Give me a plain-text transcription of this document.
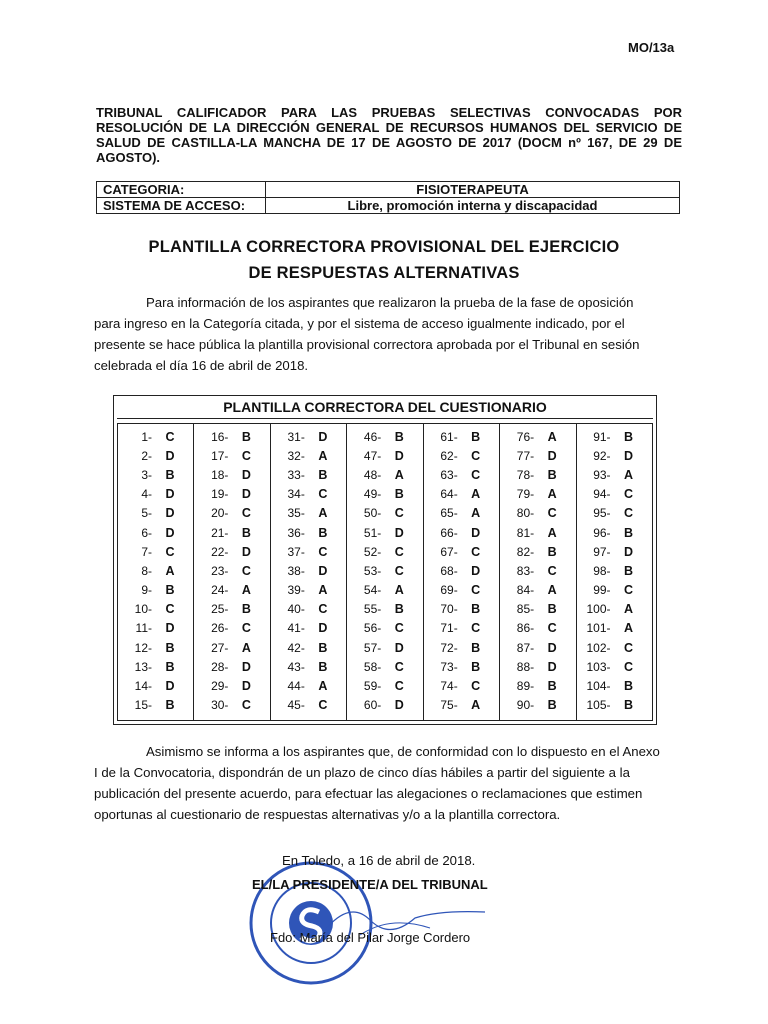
MO/13a
TRIBUNAL CALIFICADOR PARA LAS PRUEBAS SELECTIVAS CONVOCADAS POR RESOLUCIÓN DE LA DIRECCIÓN GENERAL DE RECURSOS HUMANOS DEL SERVICIO DE SALUD DE CASTILLA-LA MANCHA DE 17 DE AGOSTO DE 2017 (DOCM nº 167, DE 29 DE AGOSTO).
CATEGORIA:	FISIOTERAPEUTA
SISTEMA DE ACCESO:	Libre, promoción interna y discapacidad
PLANTILLA CORRECTORA PROVISIONAL DEL EJERCICIO
DE RESPUESTAS ALTERNATIVAS
Para información de los aspirantes que realizaron la prueba de la fase de oposición
para ingreso en la Categoría citada, y por el sistema de acceso igualmente indicado, por el
presente se hace pública la plantilla provisional correctora aprobada por el Tribunal en sesión
celebrada el día 16 de abril de 2018.
PLANTILLA CORRECTORA DEL CUESTIONARIO
1-	C
2-	D
3-	B
4-	D
5-	D
6-	D
7-	C
8-	A
9-	B
10-	C
11-	D
12-	B
13-	B
14-	D
15-	B
16-	B
17-	C
18-	D
19-	D
20-	C
21-	B
22-	D
23-	C
24-	A
25-	B
26-	C
27-	A
28-	D
29-	D
30-	C
31-	D
32-	A
33-	B
34-	C
35-	A
36-	B
37-	C
38-	D
39-	A
40-	C
41-	D
42-	B
43-	B
44-	A
45-	C
46-	B
47-	D
48-	A
49-	B
50-	C
51-	D
52-	C
53-	C
54-	A
55-	B
56-	C
57-	D
58-	C
59-	C
60-	D
61-	B
62-	C
63-	C
64-	A
65-	A
66-	D
67-	C
68-	D
69-	C
70-	B
71-	C
72-	B
73-	B
74-	C
75-	A
76-	A
77-	D
78-	B
79-	A
80-	C
81-	A
82-	B
83-	C
84-	A
85-	B
86-	C
87-	D
88-	D
89-	B
90-	B
91-	B
92-	D
93-	A
94-	C
95-	C
96-	B
97-	D
98-	B
99-	C
100-	A
101-	A
102-	C
103-	C
104-	B
105-	B
Asimismo se informa a los aspirantes que, de conformidad con lo dispuesto en el Anexo
I de la Convocatoria, dispondrán de un plazo de cinco días hábiles a partir del siguiente a la
publicación del presente acuerdo, para efectuar las alegaciones o reclamaciones que estimen
oportunas al cuestionario de respuestas alternativas y/o a la plantilla correctora.
En Toledo, a 16 de abril de 2018.
EL/LA PRESIDENTE/A DEL TRIBUNAL
Fdo: María del Pilar Jorge Cordero
